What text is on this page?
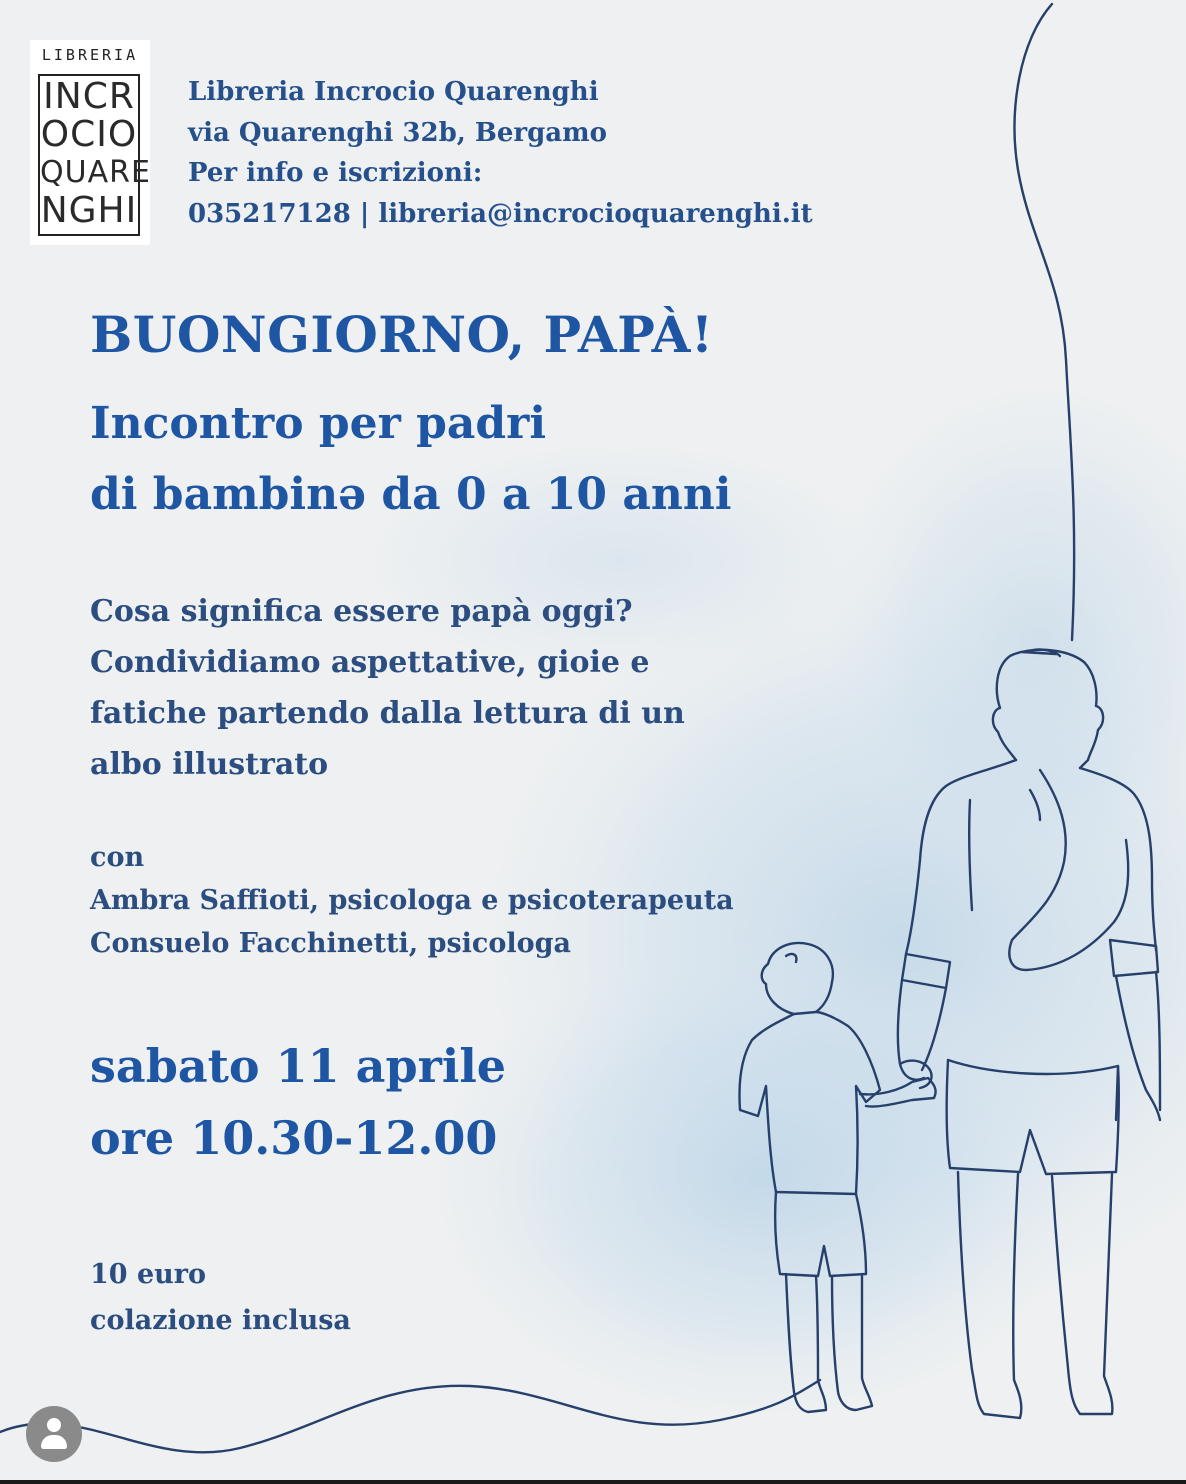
LIBRERIA
INCR
OCIO
QUARE
NGHI
Libreria Incrocio Quarenghi
via Quarenghi 32b, Bergamo
Per info e iscrizioni:
035217128 | libreria@incrocioquarenghi.it
BUONGIORNO, PAPÀ!
Incontro per padri
di bambinə da 0 a 10 anni
Cosa significa essere papà oggi?
Condividiamo aspettative, gioie e
fatiche partendo dalla lettura di un
albo illustrato
con
Ambra Saffioti, psicologa e psicoterapeuta
Consuelo Facchinetti, psicologa
sabato 11 aprile
ore 10.30-12.00
10 euro
colazione inclusa
